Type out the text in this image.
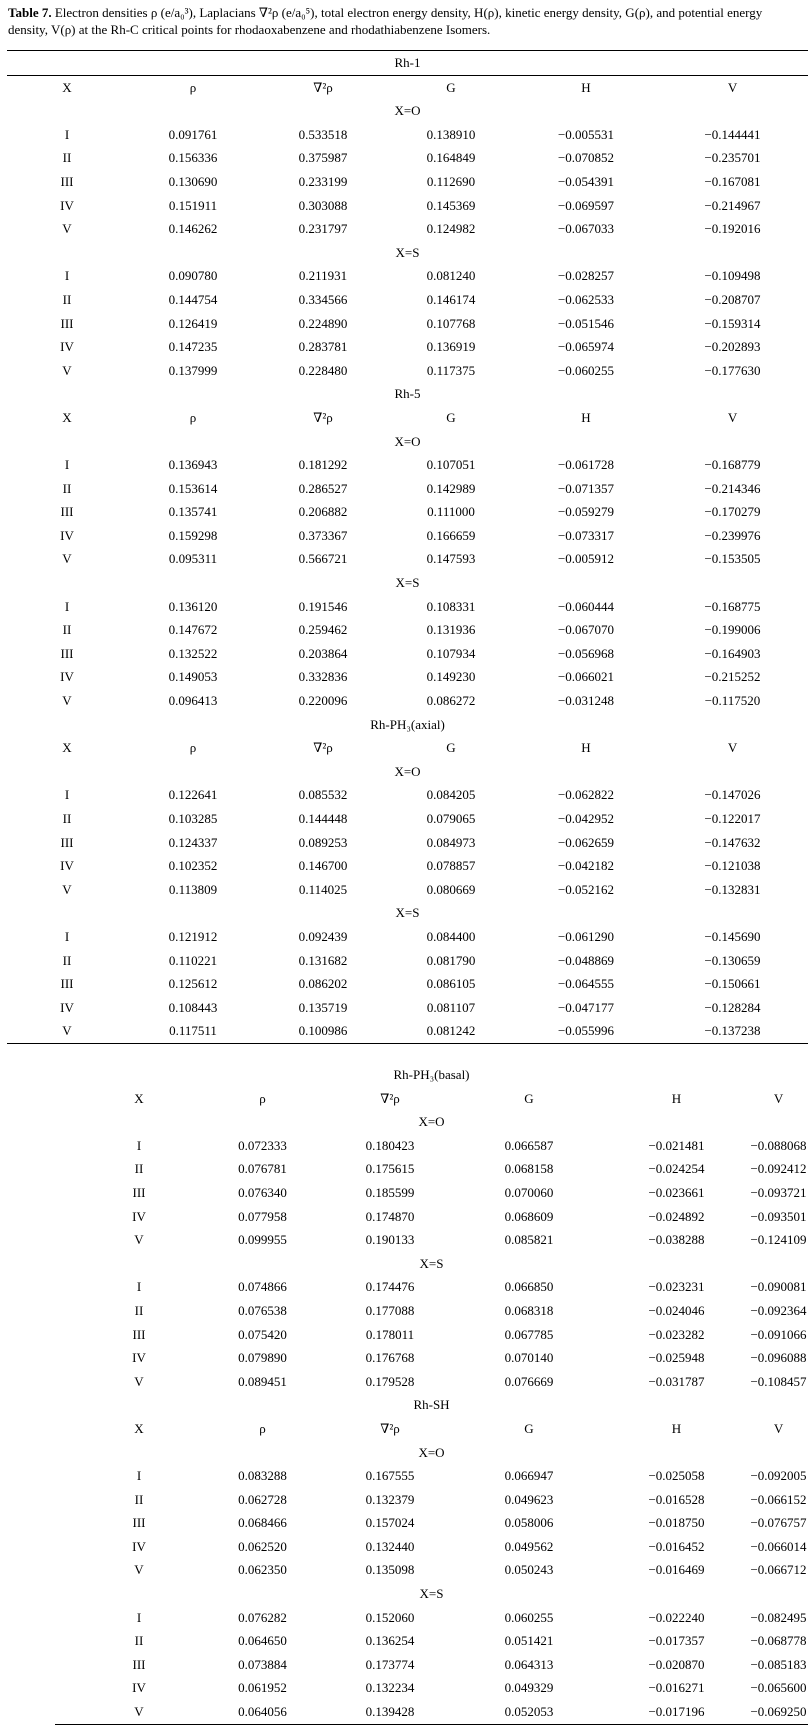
Table 7. Electron densities ρ (e/a₀³), Laplacians ∇²ρ (e/a₀⁵), total electron energy density, H(ρ), kinetic energy density, G(ρ), and potential energy density, V(ρ) at the Rh-C critical points for rhodaoxabenzene and rhodathiabenzene Isomers.
Rh-1					
X	ρ	∇²ρ	G	H	V
X=O					
I	0.091761	0.533518	0.138910	−0.005531	−0.144441
II	0.156336	0.375987	0.164849	−0.070852	−0.235701
III	0.130690	0.233199	0.112690	−0.054391	−0.167081
IV	0.151911	0.303088	0.145369	−0.069597	−0.214967
V	0.146262	0.231797	0.124982	−0.067033	−0.192016
X=S					
I	0.090780	0.211931	0.081240	−0.028257	−0.109498
II	0.144754	0.334566	0.146174	−0.062533	−0.208707
III	0.126419	0.224890	0.107768	−0.051546	−0.159314
IV	0.147235	0.283781	0.136919	−0.065974	−0.202893
V	0.137999	0.228480	0.117375	−0.060255	−0.177630
Rh-5					
X	ρ	∇²ρ	G	H	V
X=O					
I	0.136943	0.181292	0.107051	−0.061728	−0.168779
II	0.153614	0.286527	0.142989	−0.071357	−0.214346
III	0.135741	0.206882	0.111000	−0.059279	−0.170279
IV	0.159298	0.373367	0.166659	−0.073317	−0.239976
V	0.095311	0.566721	0.147593	−0.005912	−0.153505
X=S					
I	0.136120	0.191546	0.108331	−0.060444	−0.168775
II	0.147672	0.259462	0.131936	−0.067070	−0.199006
III	0.132522	0.203864	0.107934	−0.056968	−0.164903
IV	0.149053	0.332836	0.149230	−0.066021	−0.215252
V	0.096413	0.220096	0.086272	−0.031248	−0.117520
Rh-PH₃(axial)					
X	ρ	∇²ρ	G	H	V
X=O					
I	0.122641	0.085532	0.084205	−0.062822	−0.147026
II	0.103285	0.144448	0.079065	−0.042952	−0.122017
III	0.124337	0.089253	0.084973	−0.062659	−0.147632
IV	0.102352	0.146700	0.078857	−0.042182	−0.121038
V	0.113809	0.114025	0.080669	−0.052162	−0.132831
X=S					
I	0.121912	0.092439	0.084400	−0.061290	−0.145690
II	0.110221	0.131682	0.081790	−0.048869	−0.130659
III	0.125612	0.086202	0.086105	−0.064555	−0.150661
IV	0.108443	0.135719	0.081107	−0.047177	−0.128284
V	0.117511	0.100986	0.081242	−0.055996	−0.137238
Rh-PH₃(basal)						
	X	ρ	∇²ρ	G	H	V
X=O						
	I	0.072333	0.180423	0.066587	−0.021481	−0.088068
	II	0.076781	0.175615	0.068158	−0.024254	−0.092412
	III	0.076340	0.185599	0.070060	−0.023661	−0.093721
	IV	0.077958	0.174870	0.068609	−0.024892	−0.093501
	V	0.099955	0.190133	0.085821	−0.038288	−0.124109
X=S						
	I	0.074866	0.174476	0.066850	−0.023231	−0.090081
	II	0.076538	0.177088	0.068318	−0.024046	−0.092364
	III	0.075420	0.178011	0.067785	−0.023282	−0.091066
	IV	0.079890	0.176768	0.070140	−0.025948	−0.096088
	V	0.089451	0.179528	0.076669	−0.031787	−0.108457
Rh-SH						
	X	ρ	∇²ρ	G	H	V
X=O						
	I	0.083288	0.167555	0.066947	−0.025058	−0.092005
	II	0.062728	0.132379	0.049623	−0.016528	−0.066152
	III	0.068466	0.157024	0.058006	−0.018750	−0.076757
	IV	0.062520	0.132440	0.049562	−0.016452	−0.066014
	V	0.062350	0.135098	0.050243	−0.016469	−0.066712
X=S						
	I	0.076282	0.152060	0.060255	−0.022240	−0.082495
	II	0.064650	0.136254	0.051421	−0.017357	−0.068778
	III	0.073884	0.173774	0.064313	−0.020870	−0.085183
	IV	0.061952	0.132234	0.049329	−0.016271	−0.065600
	V	0.064056	0.139428	0.052053	−0.017196	−0.069250
